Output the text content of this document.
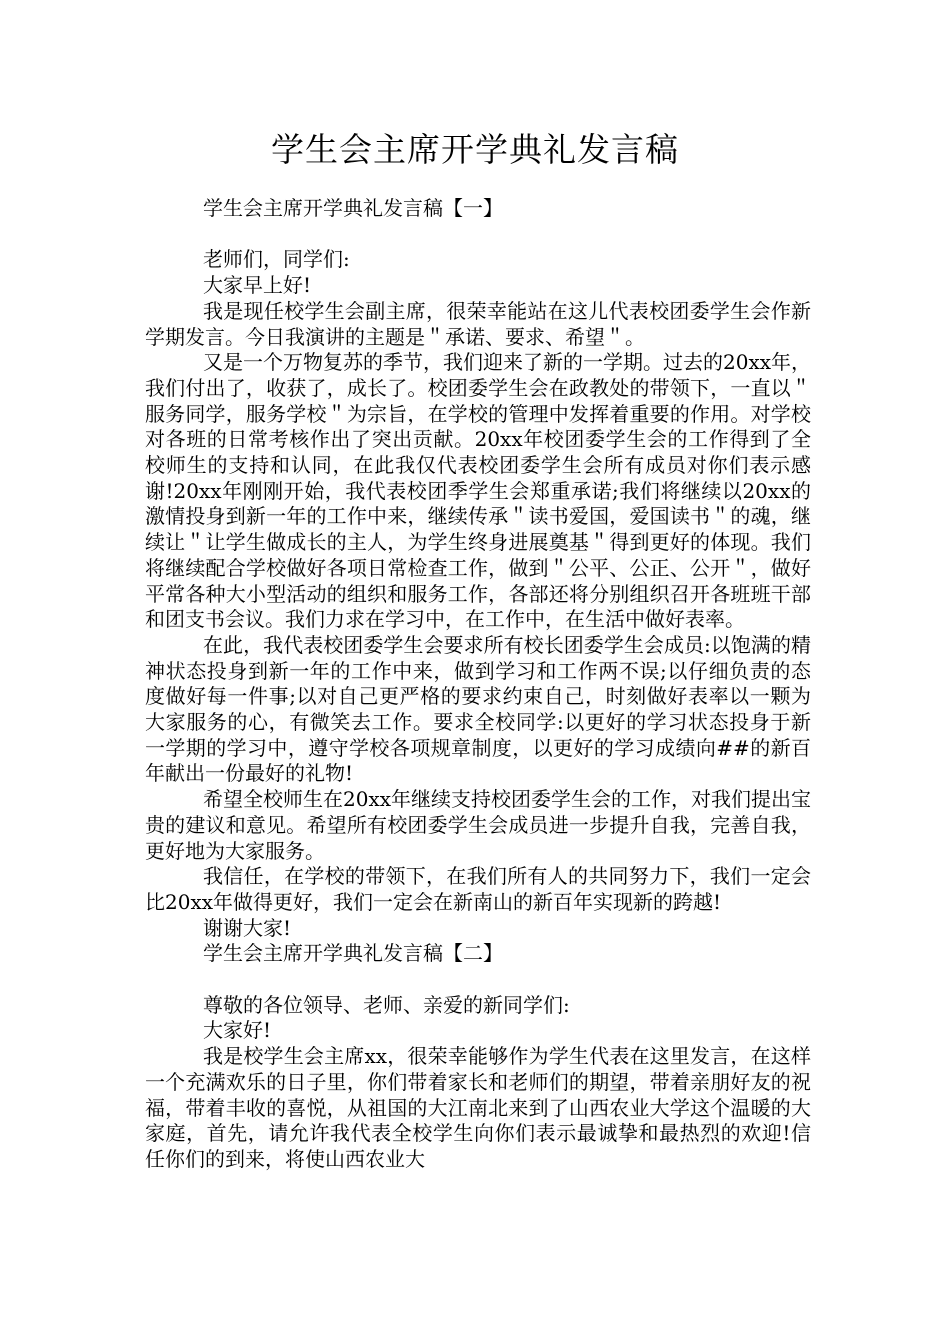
学生会主席开学典礼发言稿

学生会主席开学典礼发言稿【一】

老师们，同学们:

大家早上好!

我是现任校学生会副主席，很荣幸能站在这儿代表校团委学生会作新学期发言。今日我演讲的主题是＂承诺、要求、希望＂。

又是一个万物复苏的季节，我们迎来了新的一学期。过去的20xx年，我们付出了，收获了，成长了。校团委学生会在政教处的带领下，一直以＂服务同学，服务学校＂为宗旨，在学校的管理中发挥着重要的作用。对学校对各班的日常考核作出了突出贡献。20xx年校团委学生会的工作得到了全校师生的支持和认同，在此我仅代表校团委学生会所有成员对你们表示感谢!20xx年刚刚开始，我代表校团季学生会郑重承诺;我们将继续以20xx的激情投身到新一年的工作中来，继续传承＂读书爱国，爱国读书＂的魂，继续让＂让学生做成长的主人，为学生终身进展奠基＂得到更好的体现。我们将继续配合学校做好各项日常检查工作，做到＂公平、公正、公开＂，做好平常各种大小型活动的组织和服务工作，各部还将分别组织召开各班班干部和团支书会议。我们力求在学习中，在工作中，在生活中做好表率。

在此，我代表校团委学生会要求所有校长团委学生会成员:以饱满的精神状态投身到新一年的工作中来，做到学习和工作两不误;以仔细负责的态度做好每一件事;以对自己更严格的要求约束自己，时刻做好表率以一颗为大家服务的心，有微笑去工作。要求全校同学:以更好的学习状态投身于新一学期的学习中，遵守学校各项规章制度，以更好的学习成绩向##的新百年献出一份最好的礼物!

希望全校师生在20xx年继续支持校团委学生会的工作，对我们提出宝贵的建议和意见。希望所有校团委学生会成员进一步提升自我，完善自我，更好地为大家服务。

我信任，在学校的带领下，在我们所有人的共同努力下，我们一定会比20xx年做得更好，我们一定会在新南山的新百年实现新的跨越!

谢谢大家!

学生会主席开学典礼发言稿【二】

尊敬的各位领导、老师、亲爱的新同学们:

大家好!

我是校学生会主席xx，很荣幸能够作为学生代表在这里发言，在这样一个充满欢乐的日子里，你们带着家长和老师们的期望，带着亲朋好友的祝福，带着丰收的喜悦，从祖国的大江南北来到了山西农业大学这个温暖的大家庭，首先，请允许我代表全校学生向你们表示最诚挚和最热烈的欢迎!信任你们的到来，将使山西农业大
